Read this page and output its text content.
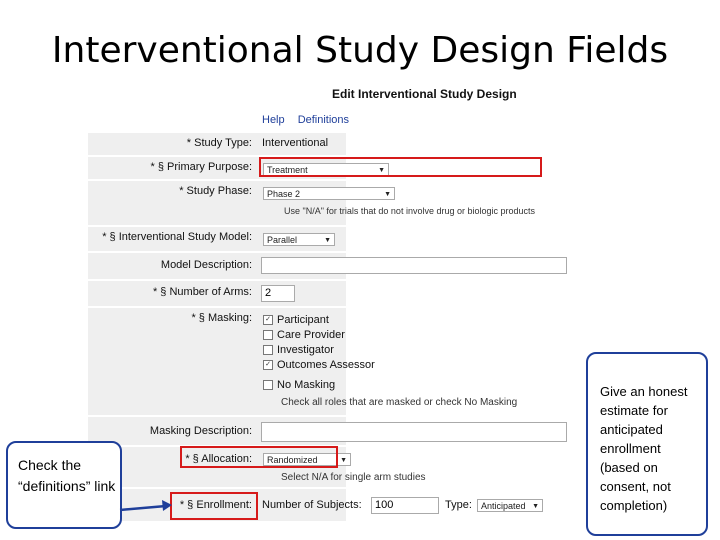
Interventional Study Design Fields
Edit Interventional Study Design
Help Definitions
* Study Type: Interventional
* § Primary Purpose:	Treatment	▼
* Study Phase:	Phase 2	▼
Use "N/A" for trials that do not involve drug or biologic products
* § Interventional Study Model:	Parallel	▼
Model Description:
* § Number of Arms:	2
* § Masking: ✓ Participant
Care Provider
Investigator
✓ Outcomes Assessor
No Masking
Check all roles that are masked or check No Masking
Masking Description:
* § Allocation:	Randomized	▼
Select N/A for single arm studies
* § Enrollment: Number of Subjects:	100	Type:	Anticipated ▼
Check the “definitions” link
Give an honest estimate for anticipated enrollment (based on consent, not completion)
